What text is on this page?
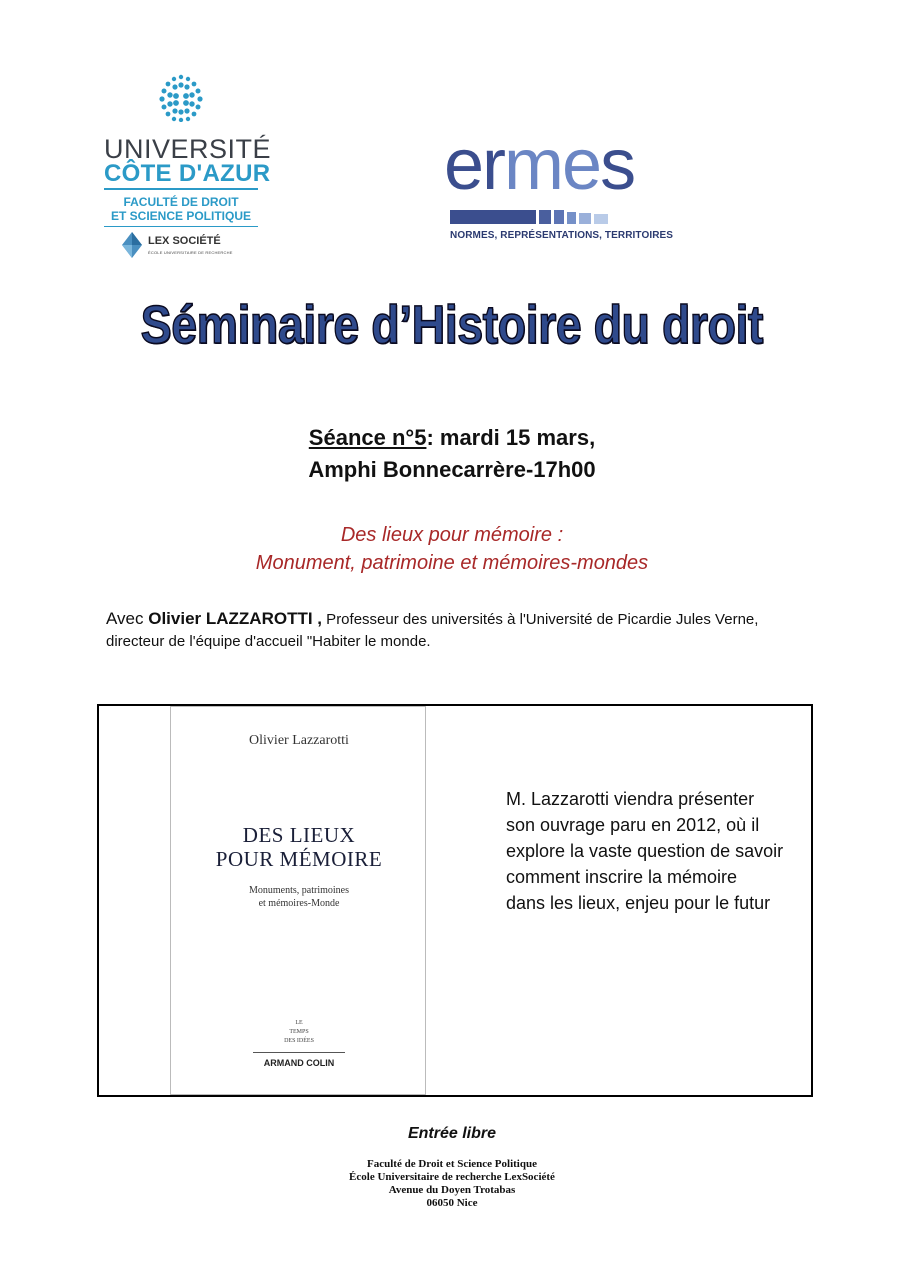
UNIVERSITÉ
CÔTE D'AZUR
FACULTÉ DE DROIT
ET SCIENCE POLITIQUE
LEX SOCIÉTÉ
ÉCOLE UNIVERSITAIRE DE RECHERCHE
ermes
NORMES, REPRÉSENTATIONS, TERRITOIRES
Séminaire d’Histoire du droit
Séance n°5: mardi 15 mars,
Amphi Bonnecarrère-17h00
Des lieux pour mémoire :
Monument, patrimoine et mémoires-mondes
Avec Olivier LAZZAROTTI , Professeur des universités à l'Université de Picardie Jules Verne,
directeur de l'équipe d'accueil "Habiter le monde.
Olivier Lazzarotti
DES LIEUX
POUR MÉMOIRE
Monuments, patrimoines
et mémoires-Monde
LE
TEMPS
DES IDÉES
ARMAND COLIN
M. Lazzarotti viendra présenter
son ouvrage paru en 2012, où il
explore la vaste question de savoir
comment inscrire la mémoire
dans les lieux, enjeu pour le futur
Entrée libre
Faculté de Droit et Science Politique
École Universitaire de recherche LexSociété
Avenue du Doyen Trotabas
06050 Nice
